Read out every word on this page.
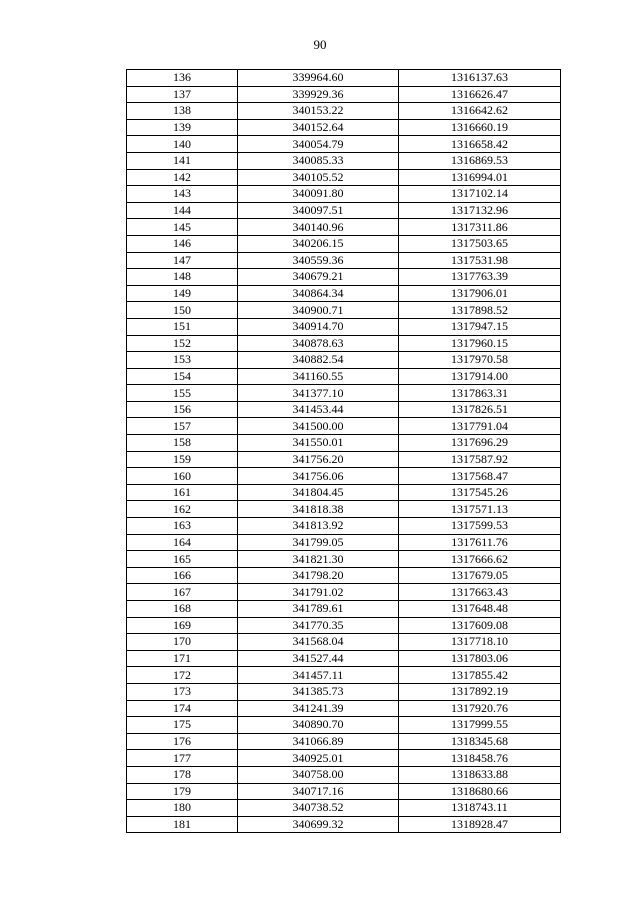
90
136	339964.60	1316137.63
137	339929.36	1316626.47
138	340153.22	1316642.62
139	340152.64	1316660.19
140	340054.79	1316658.42
141	340085.33	1316869.53
142	340105.52	1316994.01
143	340091.80	1317102.14
144	340097.51	1317132.96
145	340140.96	1317311.86
146	340206.15	1317503.65
147	340559.36	1317531.98
148	340679.21	1317763.39
149	340864.34	1317906.01
150	340900.71	1317898.52
151	340914.70	1317947.15
152	340878.63	1317960.15
153	340882.54	1317970.58
154	341160.55	1317914.00
155	341377.10	1317863.31
156	341453.44	1317826.51
157	341500.00	1317791.04
158	341550.01	1317696.29
159	341756.20	1317587.92
160	341756.06	1317568.47
161	341804.45	1317545.26
162	341818.38	1317571.13
163	341813.92	1317599.53
164	341799.05	1317611.76
165	341821.30	1317666.62
166	341798.20	1317679.05
167	341791.02	1317663.43
168	341789.61	1317648.48
169	341770.35	1317609.08
170	341568.04	1317718.10
171	341527.44	1317803.06
172	341457.11	1317855.42
173	341385.73	1317892.19
174	341241.39	1317920.76
175	340890.70	1317999.55
176	341066.89	1318345.68
177	340925.01	1318458.76
178	340758.00	1318633.88
179	340717.16	1318680.66
180	340738.52	1318743.11
181	340699.32	1318928.47
